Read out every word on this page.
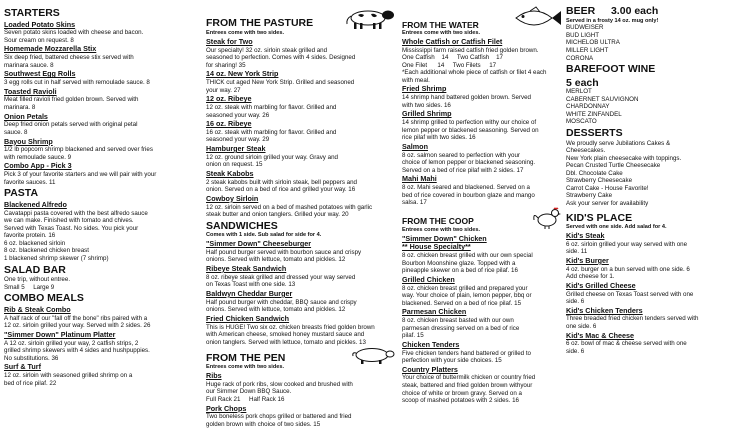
STARTERS
Loaded Potato Skins
Seven potato skins loaded with cheese and bacon.
Sour cream on request. 8
Homemade Mozzarella Stix
Six deep fried, battered cheese stix served with
marinara sauce. 8
Southwest Egg Rolls
3 egg rolls cut in half served with remoulade sauce. 8
Toasted Ravioli
Meat filled ravioli fried golden brown. Served with
marinara. 8
Onion Petals
Deep fried onion petals served with original petal
sauce. 8
Bayou Shrimp
1/2 lb popcorn shrimp blackened and served over fries
with remoulade sauce. 9
Combo App - Pick 3
Pick 3 of your favorite starters and we will pair with your
favorite sauces. 11
PASTA
Blackened Alfredo
Cavatappi pasta covered with the best alfredo sauce
we can make. Finished with tomato and chives.
Served with Texas Toast. No sides. You pick your
favorite protein. 16
6 oz. blackened sirloin
8 oz. blackened chicken breast
1 blackened shrimp skewer (7 shrimp)
SALAD BAR
One trip, without entree.
Small 5     Large 9
COMBO MEALS
Rib & Steak Combo
A half rack of our "fall off the bone" ribs paired with a
12 oz. sirloin grilled your way. Served with 2 sides. 26
"Simmer Down" Platinum Platter
A 12 oz. sirloin grilled your way, 2 catfish strips, 2
grilled shrimp skewers with 4 sides and hushpuppies.
No substitutions. 36
Surf & Turf
12 oz. sirloin with seasoned grilled shrimp on a
bed of rice pilaf. 22
FROM THE PASTURE
Entrees come with two sides.
Steak for Two
Our specialty! 32 oz. sirloin steak grilled and
seasoned to perfection. Comes with 4 sides. Designed
for sharing! 35
14 oz. New York Strip
THICK cut aged New York Strip. Grilled and seasoned
your way. 27
12 oz. Ribeye
12 oz. steak with marbling for flavor. Grilled and
seasoned your way. 26
16 oz. Ribeye
16 oz. steak with marbling for flavor. Grilled and
seasoned your way. 29
Hamburger Steak
12 oz. ground sirloin grilled your way. Gravy and
onion on request. 15
Steak Kabobs
2 steak kabobs built with sirloin steak, bell peppers and
onion. Served on a bed of rice and grilled your way. 16
Cowboy Sirloin
12 oz. sirloin served on a bed of mashed potatoes with garlic
steak butter and onion tanglers. Grilled your way. 20
SANDWICHES
Comes with 1 side. Sub salad for side for 4.
"Simmer Down" Cheeseburger
Half pound burger served with bourbon sauce and crispy
onions. Served with lettuce, tomato and pickles. 12
Ribeye Steak Sandwich
8 oz. ribeye steak grilled and dressed your way served
on Texas Toast with one side. 13
Baldwyn Cheddar Burger
Half pound burger with cheddar, BBQ sauce and crispy
onions. Served with lettuce, tomato and pickles. 12
Fried Chicken Sandwich
This is HUGE! Two six oz. chicken breasts fried golden brown
with American cheese, smoked honey mustard sauce and
onion tanglers. Served with lettuce, tomato and pickles. 13
FROM THE PEN
Entrees come with two sides.
Ribs
Huge rack of pork ribs, slow cooked and brushed with
our Simmer Down BBQ Sauce.
Full Rack 21     Half Rack 16
Pork Chops
Two boneless pork chops grilled or battered and fried
golden brown with choice of two sides. 15
FROM THE WATER
Entrees come with two sides.
Whole Catfish or Catfish Filet
Mississippi farm raised catfish fried golden brown.
One Catfish    14     Two Catfish    17
One Filet      14     Two Filets     17
*Each additional whole piece of catfish or filet 4 each
with meal.
Fried Shrimp
14 shrimp hand battered golden brown. Served
with two sides. 16
Grilled Shrimp
14 shrimp grilled to perfection withy our choice of
lemon pepper or blackened seasoning. Served on
rice pilaf with two sides. 16
Salmon
8 oz. salmon seared to perfection with your
choice of lemon pepper or blackened seasoning.
Served on a bed of rice pilaf with 2 sides. 17
Mahi Mahi
8 oz. Mahi seared and blackened. Served on a
bed of rice covered in bourbon glaze and mango
salsa. 17
FROM THE COOP
Entrees come with two sides.
"Simmer Down" Chicken
** House Specialty**
8 oz. chicken breast grilled with our own special
Bourbon Moonshine glaze. Topped with a
pineapple skewer on a bed of rice pilaf. 16
Grilled Chicken
8 oz. chicken breast grilled and prepared your
way. Your choice of plain, lemon pepper, bbq or
blackened. Served on a bed of rice pilaf. 15
Parmesan Chicken
8 oz. chicken breast basted with our own
parmesan dressing served on a bed of rice
pilaf. 15
Chicken Tenders
Five chicken tenders hand battered or grilled to
perfection with your side choices. 15
Country Platters
Your choice of buttermilk chicken or country fried
steak, battered and fried golden brown withyour
choice of white or brown gravy. Served on a
scoop of mashed potatoes with 2 sides. 16
BEER 3.00 each
Served in a frosty 14 oz. mug only!
BUDWEISER
BUD LIGHT
MICHELOB ULTRA
MILLER LIGHT
CORONA
BAREFOOT WINE
5 each
MERLOT
CABERNET SAUVIGNON
CHARDONNAY
WHITE ZINFANDEL
MOSCATO
DESSERTS
We proudly serve Jubilations Cakes &
Cheesecakes.
New York plain cheesecake with toppings.
Pecan Crusted Turtle Cheesecake
Dbl. Chocolate Cake
Strawberry Cheesecake
Carrot Cake - House Favorite!
Strawberry Cake
Ask your server for availability
KID'S PLACE
Served with one side. Add salad for 4.
Kid's Steak
6 oz. sirloin grilled your way served with one
side. 11
Kid's Burger
4 oz. burger on a bun served with one side. 6
Add cheese for 1.
Kid's Grilled Cheese
Grilled cheese on Texas Toast served with one
side. 6
Kid's Chicken Tenders
Three breaded fried chicken tenders served with
one side. 6
Kid's Mac & Cheese
6 oz. bowl of mac & cheese served with one
side. 6
